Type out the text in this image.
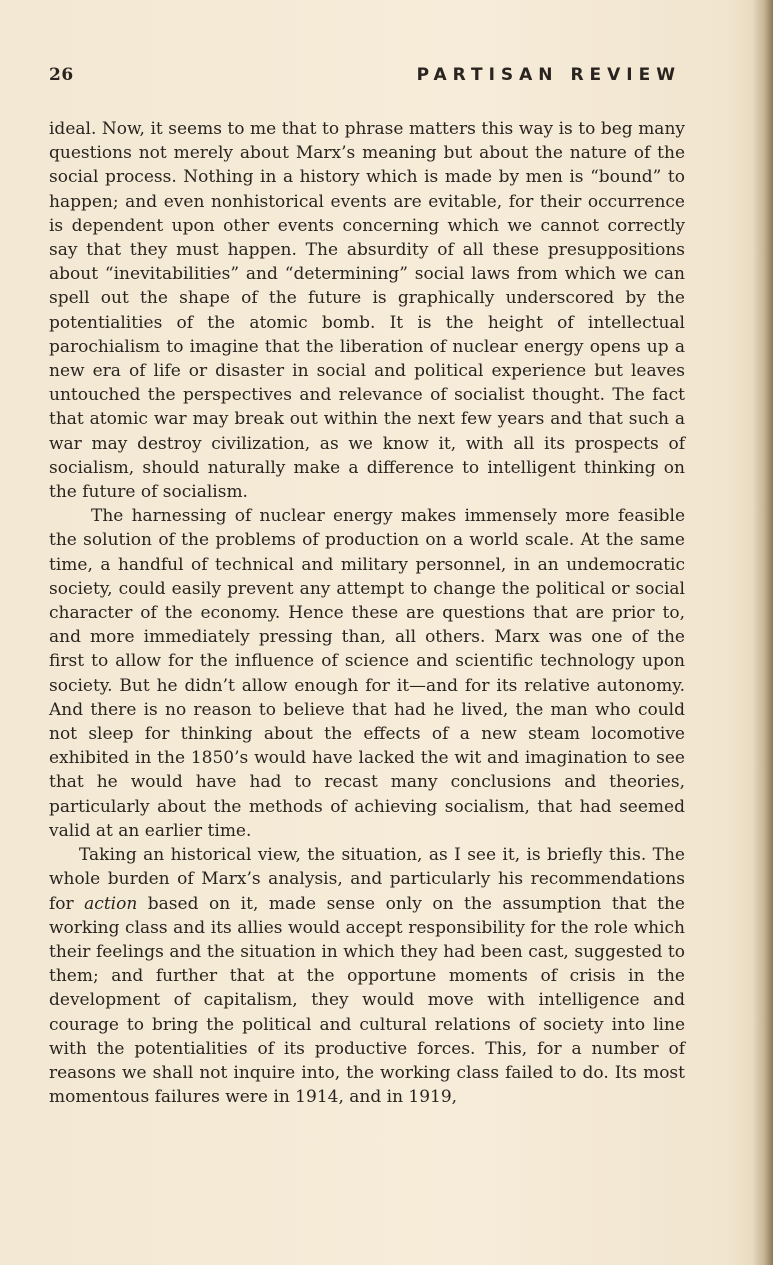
26	PARTISAN REVIEW

ideal. Now, it seems to me that to phrase matters this way is to beg many questions not merely about Marx’s meaning but about the nature of the social process. Nothing in a history which is made by men is “bound” to happen; and even nonhistorical events are evitable, for their occurrence is dependent upon other events concerning which we cannot correctly say that they must happen. The absurdity of all these presuppositions about “inevitabilities” and “determining” social laws from which we can spell out the shape of the future is graphically underscored by the potentialities of the atomic bomb. It is the height of intellectual parochialism to imagine that the liberation of nuclear energy opens up a new era of life or disaster in social and political experience but leaves untouched the perspectives and relevance of socialist thought. The fact that atomic war may break out within the next few years and that such a war may destroy civilization, as we know it, with all its prospects of socialism, should naturally make a difference to intelligent thinking on the future of socialism.

The harnessing of nuclear energy makes immensely more feasible the solution of the problems of production on a world scale. At the same time, a handful of technical and military personnel, in an undemocratic society, could easily prevent any attempt to change the political or social character of the economy. Hence these are questions that are prior to, and more immediately pressing than, all others. Marx was one of the first to allow for the influence of science and scientific technology upon society. But he didn’t allow enough for it—and for its relative autonomy. And there is no reason to believe that had he lived, the man who could not sleep for thinking about the effects of a new steam locomotive exhibited in the 1850’s would have lacked the wit and imagination to see that he would have had to recast many conclusions and theories, particularly about the methods of achieving socialism, that had seemed valid at an earlier time.

Taking an historical view, the situation, as I see it, is briefly this. The whole burden of Marx’s analysis, and particularly his recommendations for action based on it, made sense only on the assumption that the working class and its allies would accept responsibility for the role which their feelings and the situation in which they had been cast, suggested to them; and further that at the opportune moments of crisis in the development of capitalism, they would move with intelligence and courage to bring the political and cultural relations of society into line with the potentialities of its productive forces. This, for a number of reasons we shall not inquire into, the working class failed to do. Its most momentous failures were in 1914, and in 1919,
